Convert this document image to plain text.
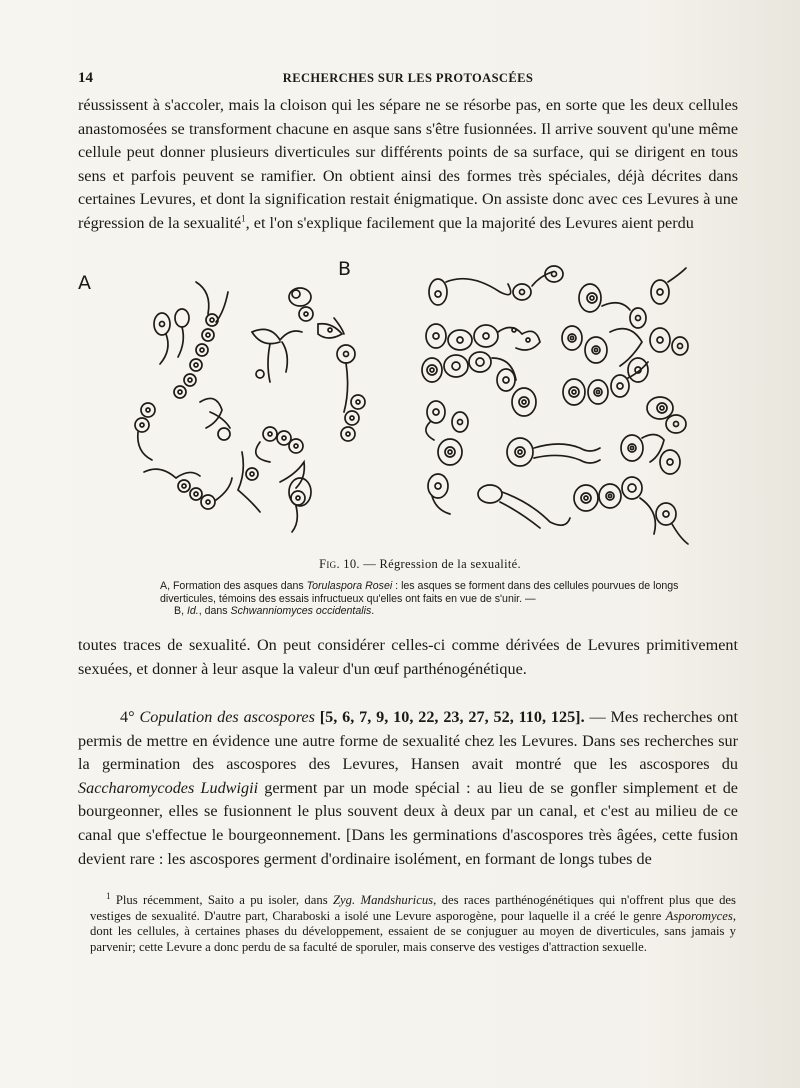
14	RECHERCHES SUR LES PROTOASCÉES

réussissent à s'accoler, mais la cloison qui les sépare ne se résorbe pas, en sorte que les deux cellules anastomosées se transforment chacune en asque sans s'être fusionnées. Il arrive souvent qu'une même cellule peut donner plusieurs diverticules sur différents points de sa surface, qui se dirigent en tous sens et parfois peuvent se ramifier. On obtient ainsi des formes très spéciales, déjà décrites dans certaines Levures, et dont la signification restait énigmatique. On assiste donc avec ces Levures à une régression de la sexualité$^1$, et l'on s'explique facilement que la majorité des Levures aient perdu

A
B
Fig. 10. — Régression de la sexualité.
A, Formation des asques dans Torulaspora Rosei : les asques se forment dans des cellules pourvues de longs diverticules, témoins des essais infructueux qu'elles ont faits en vue de s'unir. —
B, Id., dans Schwanniomyces occidentalis.

toutes traces de sexualité. On peut considérer celles-ci comme dérivées de Levures primitivement sexuées, et donner à leur asque la valeur d'un œuf parthénogénétique.

4° Copulation des ascospores [5, 6, 7, 9, 10, 22, 23, 27, 52, 110, 125]. — Mes recherches ont permis de mettre en évidence une autre forme de sexualité chez les Levures. Dans ses recherches sur la germination des ascospores des Levures, Hansen avait montré que les ascospores du Saccharomycodes Ludwigii germent par un mode spécial : au lieu de se gonfler simplement et de bourgeonner, elles se fusionnent le plus souvent deux à deux par un canal, et c'est au milieu de ce canal que s'effectue le bourgeonnement. [Dans les germinations d'ascospores très âgées, cette fusion devient rare : les ascospores germent d'ordinaire isolément, en formant de longs tubes de

$^1$ Plus récemment, Saito a pu isoler, dans Zyg. Mandshuricus, des races parthénogénétiques qui n'offrent plus que des vestiges de sexualité. D'autre part, Charaboski a isolé une Levure asporogène, pour laquelle il a créé le genre Asporomyces, dont les cellules, à certaines phases du développement, essaient de se conjuguer au moyen de diverticules, sans jamais y parvenir; cette Levure a donc perdu de sa faculté de sporuler, mais conserve des vestiges d'attraction sexuelle.
